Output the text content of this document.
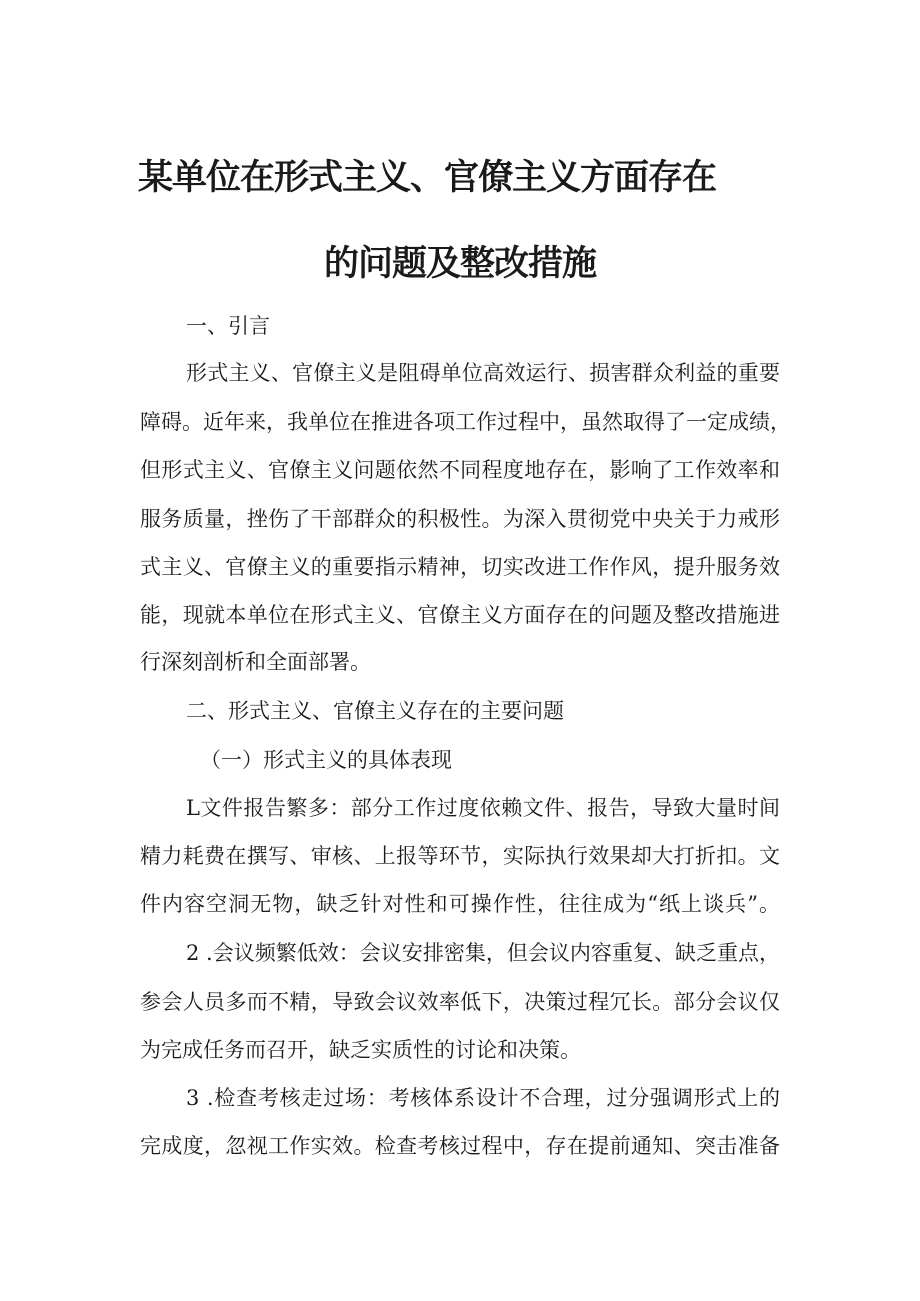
某单位在形式主义、官僚主义方面存在
的问题及整改措施
一、引言
形式主义、官僚主义是阻碍单位高效运行、损害群众利益的重要
障碍。近年来，我单位在推进各项工作过程中，虽然取得了一定成绩，
但形式主义、官僚主义问题依然不同程度地存在，影响了工作效率和
服务质量，挫伤了干部群众的积极性。为深入贯彻党中央关于力戒形
式主义、官僚主义的重要指示精神，切实改进工作作风，提升服务效
能，现就本单位在形式主义、官僚主义方面存在的问题及整改措施进
行深刻剖析和全面部署。
二、形式主义、官僚主义存在的主要问题
（一）形式主义的具体表现
L文件报告繁多：部分工作过度依赖文件、报告，导致大量时间
精力耗费在撰写、审核、上报等环节，实际执行效果却大打折扣。文
件内容空洞无物，缺乏针对性和可操作性，往往成为“纸上谈兵”。
2 .会议频繁低效：会议安排密集，但会议内容重复、缺乏重点，
参会人员多而不精，导致会议效率低下，决策过程冗长。部分会议仅
为完成任务而召开，缺乏实质性的讨论和决策。
3 .检查考核走过场：考核体系设计不合理，过分强调形式上的
完成度，忽视工作实效。检查考核过程中，存在提前通知、突击准备
